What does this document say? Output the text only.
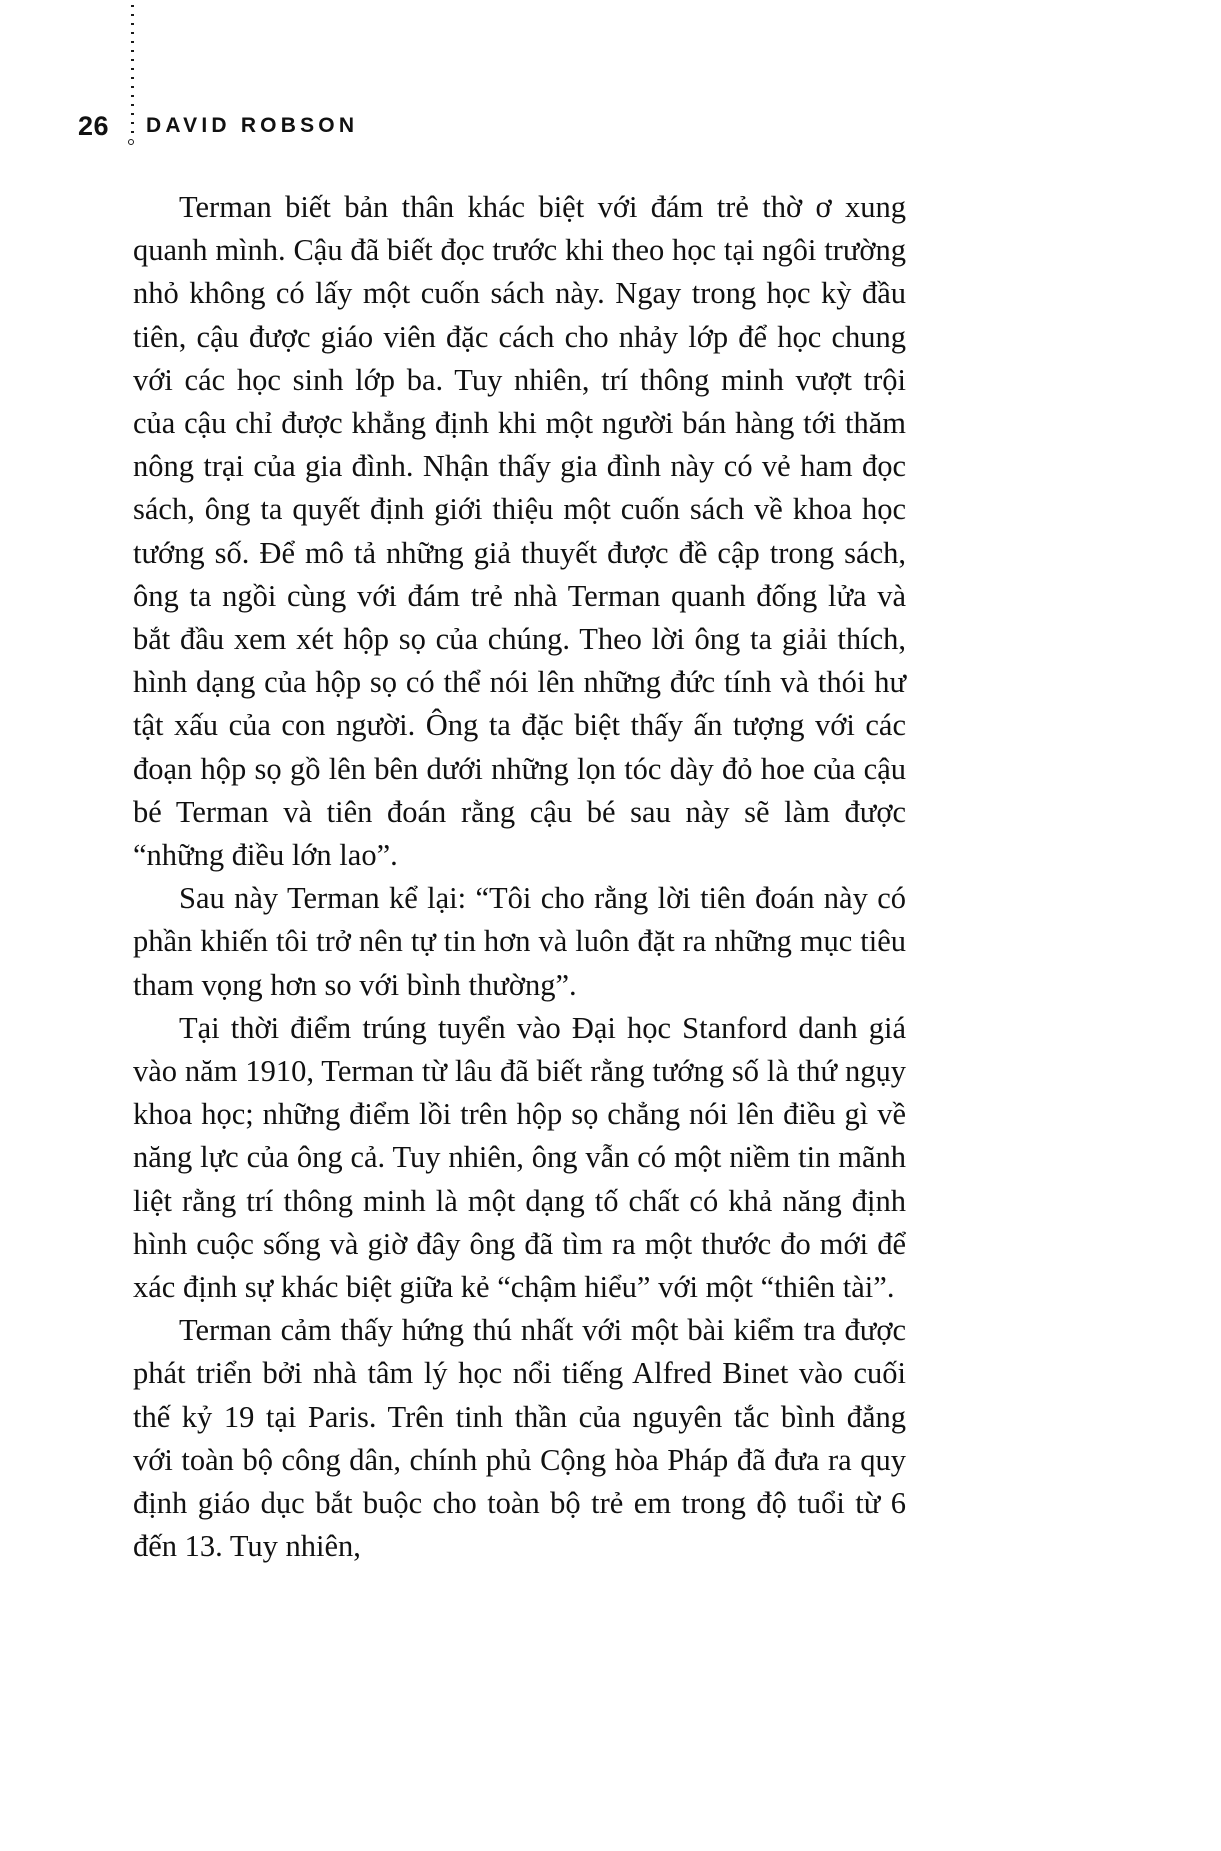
26 DAVID ROBSON

Terman biết bản thân khác biệt với đám trẻ thờ ơ xung quanh mình. Cậu đã biết đọc trước khi theo học tại ngôi trường nhỏ không có lấy một cuốn sách này. Ngay trong học kỳ đầu tiên, cậu được giáo viên đặc cách cho nhảy lớp để học chung với các học sinh lớp ba. Tuy nhiên, trí thông minh vượt trội của cậu chỉ được khẳng định khi một người bán hàng tới thăm nông trại của gia đình. Nhận thấy gia đình này có vẻ ham đọc sách, ông ta quyết định giới thiệu một cuốn sách về khoa học tướng số. Để mô tả những giả thuyết được đề cập trong sách, ông ta ngồi cùng với đám trẻ nhà Terman quanh đống lửa và bắt đầu xem xét hộp sọ của chúng. Theo lời ông ta giải thích, hình dạng của hộp sọ có thể nói lên những đức tính và thói hư tật xấu của con người. Ông ta đặc biệt thấy ấn tượng với các đoạn hộp sọ gồ lên bên dưới những lọn tóc dày đỏ hoe của cậu bé Terman và tiên đoán rằng cậu bé sau này sẽ làm được “những điều lớn lao”.

Sau này Terman kể lại: “Tôi cho rằng lời tiên đoán này có phần khiến tôi trở nên tự tin hơn và luôn đặt ra những mục tiêu tham vọng hơn so với bình thường”.

Tại thời điểm trúng tuyển vào Đại học Stanford danh giá vào năm 1910, Terman từ lâu đã biết rằng tướng số là thứ ngụy khoa học; những điểm lồi trên hộp sọ chẳng nói lên điều gì về năng lực của ông cả. Tuy nhiên, ông vẫn có một niềm tin mãnh liệt rằng trí thông minh là một dạng tố chất có khả năng định hình cuộc sống và giờ đây ông đã tìm ra một thước đo mới để xác định sự khác biệt giữa kẻ “chậm hiểu” với một “thiên tài”.

Terman cảm thấy hứng thú nhất với một bài kiểm tra được phát triển bởi nhà tâm lý học nổi tiếng Alfred Binet vào cuối thế kỷ 19 tại Paris. Trên tinh thần của nguyên tắc bình đẳng với toàn bộ công dân, chính phủ Cộng hòa Pháp đã đưa ra quy định giáo dục bắt buộc cho toàn bộ trẻ em trong độ tuổi từ 6 đến 13. Tuy nhiên,
